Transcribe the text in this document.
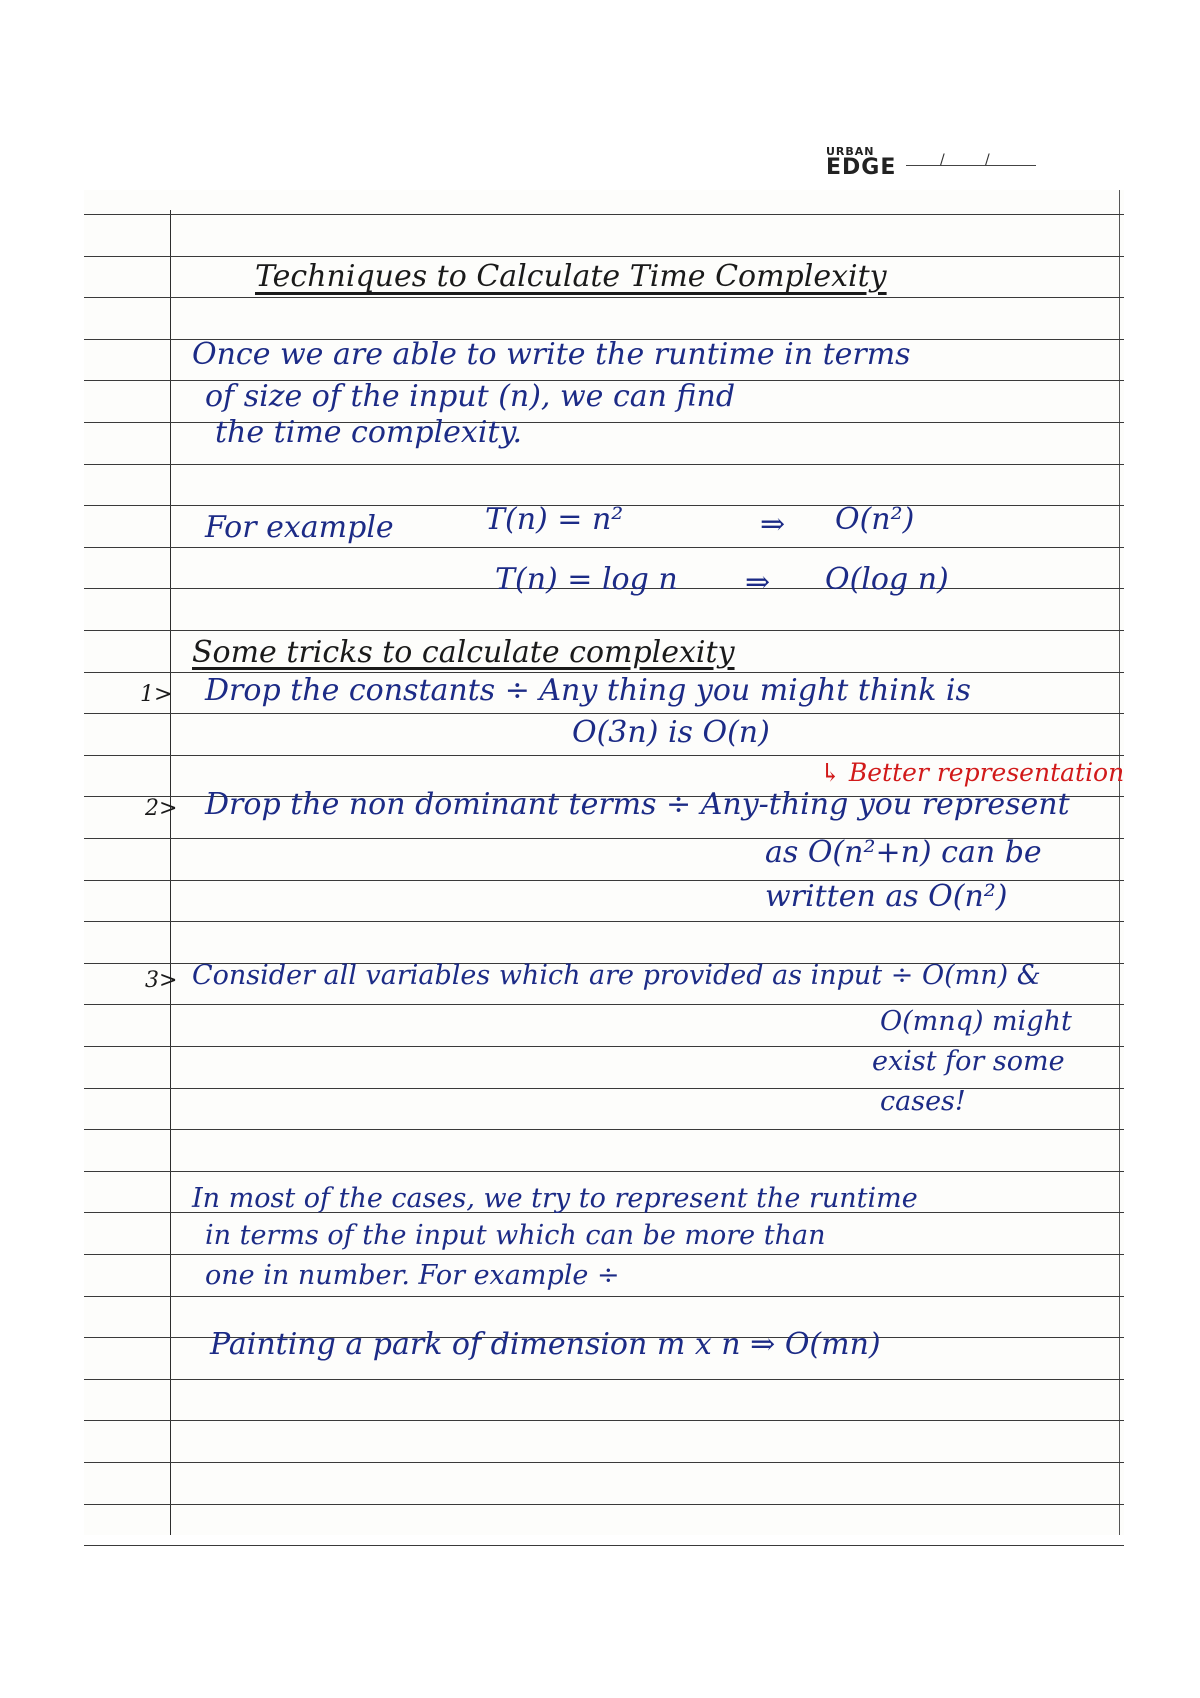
URBAN
EDGE	/	/
Techniques to Calculate Time Complexity
Once we are able to write the runtime in terms
of size of the input (n), we can find
the time complexity.
For example	T(n) = n²	⇒ O(n²)
T(n) = log n ⇒ O(log n)
Some tricks to calculate complexity
1> Drop the constants ÷ Any thing you might think is
O(3n) is O(n)
↳ Better representation
2> Drop the non dominant terms ÷ Any-thing you represent
as O(n²+n) can be
written as O(n²)
3> Consider all variables which are provided as input ÷ O(mn) &
O(mnq) might
exist for some
cases!
In most of the cases, we try to represent the runtime
in terms of the input which can be more than
one in number. For example ÷
Painting a park of dimension m x n ⇒ O(mn)
